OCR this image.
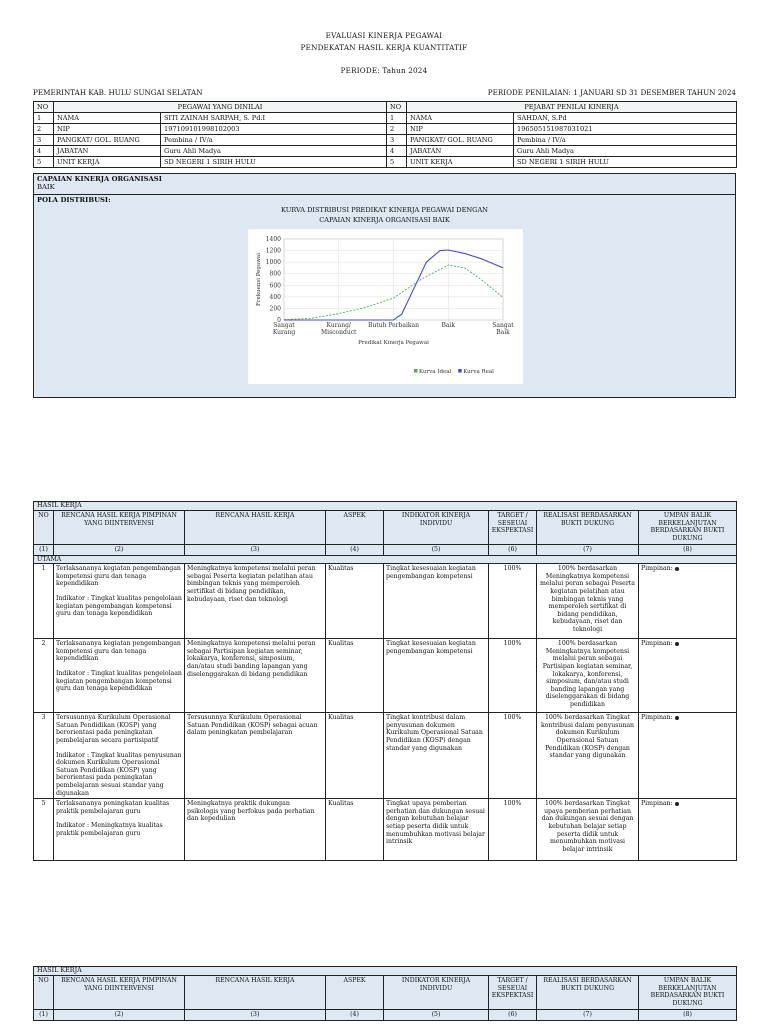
EVALUASI KINERJA PEGAWAI
PENDEKATAN HASIL KERJA KUANTITATIF
PERIODE: Tahun 2024
PEMERINTAH KAB. HULU SUNGAI SELATAN	PERIODE PENILAIAN: 1 JANUARI SD 31 DESEMBER TAHUN 2024
NO	PEGAWAI YANG DINILAI		NO	PEJABAT PENILAI KINERJA	
1	NAMA	SITI ZAINAH SARPAH, S. Pd.I	1	NAMA	SAHDAN, S.Pd
2	NIP	197109101998102003	2	NIP	196505151987031021
3	PANGKAT/ GOL. RUANG	Pembina / IV/a	3	PANGKAT/ GOL. RUANG	Pembina / IV/a
4	JABATAN	Guru Ahli Madya	4	JABATAN	Guru Ahli Madya
5	UNIT KERJA	SD NEGERI 1 SIRIH HULU	5	UNIT KERJA	SD NEGERI 1 SIRIH HULU
CAPAIAN KINERJA ORGANISASI
BAIK
POLA DISTRIBUSI:
KURVA DISTRIBUSI PREDIKAT KINERJA PEGAWAI DENGAN
CAPAIAN KINERJA ORGANISASI BAIK
0
200
400
600
800
1000
1200
1400
Sangat
Kurang
Kurang/
Misconduct
Butuh Perbaikan	Baik	Sangat
Baik
Predikat Kinerja Pegawai
Frekuensi Pegawai
Kurva Ideal Kurva Real
HASIL KERJA							
NO	RENCANA HASIL KERJA PIMPINAN YANG DIINTERVENSI	RENCANA HASIL KERJA	ASPEK	INDIKATOR KINERJA INDIVIDU	TARGET / SESEUAI EKSPEKTASI	REALISASI BERDASARKAN BUKTI DUKUNG	UMPAN BALIK BERKELANJUTAN BERDASARKAN BUKTI DUKUNG
(1)	(2)	(3)	(4)	(5)	(6)	(7)	(8)
UTAMA							
1	Terlaksananya kegiatan pengembangan kompetensi guru dan tenaga kependidikan
Indikator : Tingkat kualitas pengelolaan kegiatan pengembangan kompetensi guru dan tenaga kependidikan	Meningkatnya kompetensi melalui peran sebagai Peserta kegiatan pelatihan atau bimbingan teknis yang memperoleh sertifikat di bidang pendidikan, kebudayaan, riset dan teknologi	Kualitas	Tingkat kesesuaian kegiatan pengembangan kompetensi	100%	100% berdasarkan Meningkatnya kompetensi melalui peran sebagai Peserta kegiatan pelatihan atau bimbingan teknis yang memperoleh sertifikat di bidang pendidikan, kebudayaan, riset dan teknologi	Pimpinan:
2	Terlaksananya kegiatan pengembangan kompetensi guru dan tenaga kependidikan
Indikator : Tingkat kualitas pengelolaan kegiatan pengembangan kompetensi guru dan tenaga kependidikan	Meningkatnya kompetensi melalui peran sebagai Partisipan kegiatan seminar, lokakarya, konferensi, simposium, dan/atau studi banding lapangan yang diselenggarakan di bidang pendidikan	Kualitas	Tingkat kesesuaian kegiatan pengembangan kompetensi	100%	100% berdasarkan Meningkatnya kompetensi melalui peran sebagai Partisipan kegiatan seminar, lokakarya, konferensi, simposium, dan/atau studi banding lapangan yang diselenggarakan di bidang pendidikan	Pimpinan:
3	Tersusunnya Kurikulum Operasional Satuan Pendidikan (KOSP) yang berorientasi pada peningkatan pembelajaran secara partisipatif
Indikator : Tingkat kualitas penyusunan dokumen Kurikulum Operasional Satuan Pendidikan (KOSP) yang berorientasi pada peningkatan pembelajaran sesuai standar yang digunakan	Tersusunnya Kurikulum Operasional Satuan Pendidikan (KOSP) sebagai acuan dalam peningkatan pembelajaran	Kualitas	Tingkat kontribusi dalam penyusunan dokumen Kurikulum Operasional Satuan Pendidikan (KOSP) dengan standar yang digunakan	100%	100% berdasarkan Tingkat kontribusi dalam penyusunan dokumen Kurikulum Operasional Satuan Pendidikan (KOSP) dengan standar yang digunakan	Pimpinan:
5	Terlaksananya peningkatan kualitas praktik pembelajaran guru
Indikator : Meningkatnya kualitas praktik pembelajaran guru	Meningkatnya praktik dukungan psikologis yang berfokus pada perhatian dan kepedulian	Kualitas	Tingkat upaya pemberian perhatian dan dukungan sesuai dengan kebutuhan belajar setiap peserta didik untuk menumbuhkan motivasi belajar intrinsik	100%	100% berdasarkan Tingkat upaya pemberian perhatian dan dukungan sesuai dengan kebutuhan belajar setiap peserta didik untuk menumbuhkan motivasi belajar intrinsik	Pimpinan:
HASIL KERJA							
NO	RENCANA HASIL KERJA PIMPINAN YANG DIINTERVENSI	RENCANA HASIL KERJA	ASPEK	INDIKATOR KINERJA INDIVIDU	TARGET / SESEUAI EKSPEKTASI	REALISASI BERDASARKAN BUKTI DUKUNG	UMPAN BALIK BERKELANJUTAN BERDASARKAN BUKTI DUKUNG
(1)	(2)	(3)	(4)	(5)	(6)	(7)	(8)
